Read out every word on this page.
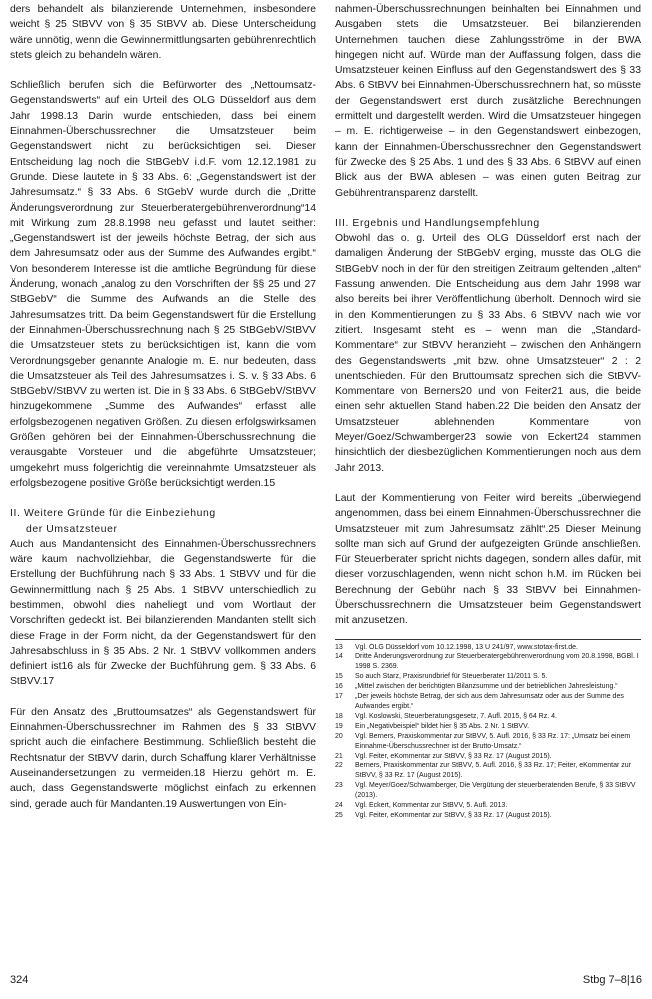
ders behandelt als bilanzierende Unternehmen, insbesondere weicht § 25 StBVV von § 35 StBVV ab. Diese Unterscheidung wäre unnötig, wenn die Gewinnermittlungsarten gebührenrechtlich stets gleich zu behandeln wären.

Schließlich berufen sich die Befürworter des „Nettoumsatz-Gegenstandswerts“ auf ein Urteil des OLG Düsseldorf aus dem Jahr 1998.13 Darin wurde entschieden, dass bei einem Einnahmen-Überschussrechner die Umsatzsteuer beim Gegenstandswert nicht zu berücksichtigen sei. Dieser Entscheidung lag noch die StBGebV i.d.F. vom 12.12.1981 zu Grunde. Diese lautete in § 33 Abs. 6: „Gegenstandswert ist der Jahresumsatz.“ § 33 Abs. 6 StGebV wurde durch die „Dritte Änderungsverordnung zur Steuerberatergebührenverordnung“14 mit Wirkung zum 28.8.1998 neu gefasst und lautet seither: „Gegenstandswert ist der jeweils höchste Betrag, der sich aus dem Jahresumsatz oder aus der Summe des Aufwandes ergibt.“ Von besonderem Interesse ist die amtliche Begründung für diese Änderung, wonach „analog zu den Vorschriften der §§ 25 und 27 StBGebV“ die Summe des Aufwands an die Stelle des Jahresumsatzes tritt. Da beim Gegenstandswert für die Erstellung der Einnahmen-Überschussrechnung nach § 25 StBGebV/StBVV die Umsatzsteuer stets zu berücksichtigen ist, kann die vom Verordnungsgeber genannte Analogie m. E. nur bedeuten, dass die Umsatzsteuer als Teil des Jahresumsatzes i. S. v. § 33 Abs. 6 StBGebV/StBVV zu werten ist. Die in § 33 Abs. 6 StBGebV/StBVV hinzugekommene „Summe des Aufwandes“ erfasst alle erfolgsbezogenen negativen Größen. Zu diesen erfolgswirksamen Größen gehören bei der Einnahmen-Überschussrechnung die verausgabte Vorsteuer und die abgeführte Umsatzsteuer; umgekehrt muss folgerichtig die vereinnahmte Umsatzsteuer als erfolgsbezogene positive Größe berücksichtigt werden.15

II. Weitere Gründe für die Einbeziehung
der Umsatzsteuer

Auch aus Mandantensicht des Einnahmen-Überschussrechners wäre kaum nachvollziehbar, die Gegenstandswerte für die Erstellung der Buchführung nach § 33 Abs. 1 StBVV und für die Gewinnermittlung nach § 25 Abs. 1 StBVV unterschiedlich zu bestimmen, obwohl dies naheliegt und vom Wortlaut der Vorschriften gedeckt ist. Bei bilanzierenden Mandanten stellt sich diese Frage in der Form nicht, da der Gegenstandswert für den Jahresabschluss in § 35 Abs. 2 Nr. 1 StBVV vollkommen anders definiert ist16 als für Zwecke der Buchführung gem. § 33 Abs. 6 StBVV.17

Für den Ansatz des „Bruttoumsatzes“ als Gegenstandswert für Einnahmen-Überschussrechner im Rahmen des § 33 StBVV spricht auch die einfachere Bestimmung. Schließlich besteht die Rechtsnatur der StBVV darin, durch Schaffung klarer Verhältnisse Auseinandersetzungen zu vermeiden.18 Hierzu gehört m. E. auch, dass Gegenstandswerte möglichst einfach zu erkennen sind, gerade auch für Mandanten.19 Auswertungen von Ein-

nahmen-Überschussrechnungen beinhalten bei Einnahmen und Ausgaben stets die Umsatzsteuer. Bei bilanzierenden Unternehmen tauchen diese Zahlungsströme in der BWA hingegen nicht auf. Würde man der Auffassung folgen, dass die Umsatzsteuer keinen Einfluss auf den Gegenstandswert des § 33 Abs. 6 StBVV bei Einnahmen-Überschussrechnern hat, so müsste der Gegenstandswert erst durch zusätzliche Berechnungen ermittelt und dargestellt werden. Wird die Umsatzsteuer hingegen – m. E. richtigerweise – in den Gegenstandswert einbezogen, kann der Einnahmen-Überschussrechner den Gegenstandswert für Zwecke des § 25 Abs. 1 und des § 33 Abs. 6 StBVV auf einen Blick aus der BWA ablesen – was einen guten Beitrag zur Gebührentransparenz darstellt.

III. Ergebnis und Handlungsempfehlung

Obwohl das o. g. Urteil des OLG Düsseldorf erst nach der damaligen Änderung der StBGebV erging, musste das OLG die StBGebV noch in der für den streitigen Zeitraum geltenden „alten“ Fassung anwenden. Die Entscheidung aus dem Jahr 1998 war also bereits bei ihrer Veröffentlichung überholt. Dennoch wird sie in den Kommentierungen zu § 33 Abs. 6 StBVV nach wie vor zitiert. Insgesamt steht es – wenn man die „Standard-Kommentare“ zur StBVV heranzieht – zwischen den Anhängern des Gegenstandswerts „mit bzw. ohne Umsatzsteuer“ 2 : 2 unentschieden. Für den Bruttoumsatz sprechen sich die StBVV-Kommentare von Berners20 und von Feiter21 aus, die beide einen sehr aktuellen Stand haben.22 Die beiden den Ansatz der Umsatzsteuer ablehnenden Kommentare von Meyer/Goez/Schwamberger23 sowie von Eckert24 stammen hinsichtlich der diesbezüglichen Kommentierungen noch aus dem Jahr 2013.

Laut der Kommentierung von Feiter wird bereits „überwiegend angenommen, dass bei einem Einnahmen-Überschussrechner die Umsatzsteuer mit zum Jahresumsatz zählt“.25 Dieser Meinung sollte man sich auf Grund der aufgezeigten Gründe anschließen. Für Steuerberater spricht nichts dagegen, sondern alles dafür, mit dieser vorzuschlagenden, wenn nicht schon h.M. im Rücken bei Berechnung der Gebühr nach § 33 StBVV bei Einnahmen-Überschussrechnern die Umsatzsteuer beim Gegenstandswert mit anzusetzen.

13	Vgl. OLG Düsseldorf vom 10.12.1998, 13 U 241/97, www.stotax-first.de.
14	Dritte Änderungsverordnung zur Steuerberatergebührenverordnung vom 20.8.1998, BGBl. I 1998 S. 2369.
15	So auch Starz, Praxisrundbrief für Steuerberater 11/2011 S. 5.
16	„Mittel zwischen der berichtigten Bilanzsumme und der betrieblichen Jahresleistung.“
17	„Der jeweils höchste Betrag, der sich aus dem Jahresumsatz oder aus der Summe des Aufwandes ergibt.“
18	Vgl. Koslowski, Steuerberatungsgesetz, 7. Aufl. 2015, § 64 Rz. 4.
19	Ein „Negativbeispiel“ bildet hier § 35 Abs. 2 Nr. 1 StBVV.
20	Vgl. Berners, Praxiskommentar zur StBVV, 5. Aufl. 2016, § 33 Rz. 17: „Umsatz bei einem Einnahme-Überschussrechner ist der Brutto-Umsatz.“
21	Vgl. Feiter, eKommentar zur StBVV, § 33 Rz. 17 (August 2015).
22	Berners, Praxiskommentar zur StBVV, 5. Aufl. 2016, § 33 Rz. 17; Feiter, eKommentar zur StBVV, § 33 Rz. 17 (August 2015).
23	Vgl. Meyer/Goez/Schwamberger, Die Vergütung der steuerberatenden Berufe, § 33 StBVV (2013).
24	Vgl. Eckert, Kommentar zur StBVV, 5. Aufl. 2013.
25	Vgl. Feiter, eKommentar zur StBVV, § 33 Rz. 17 (August 2015).
324	Stbg 7–8|16
